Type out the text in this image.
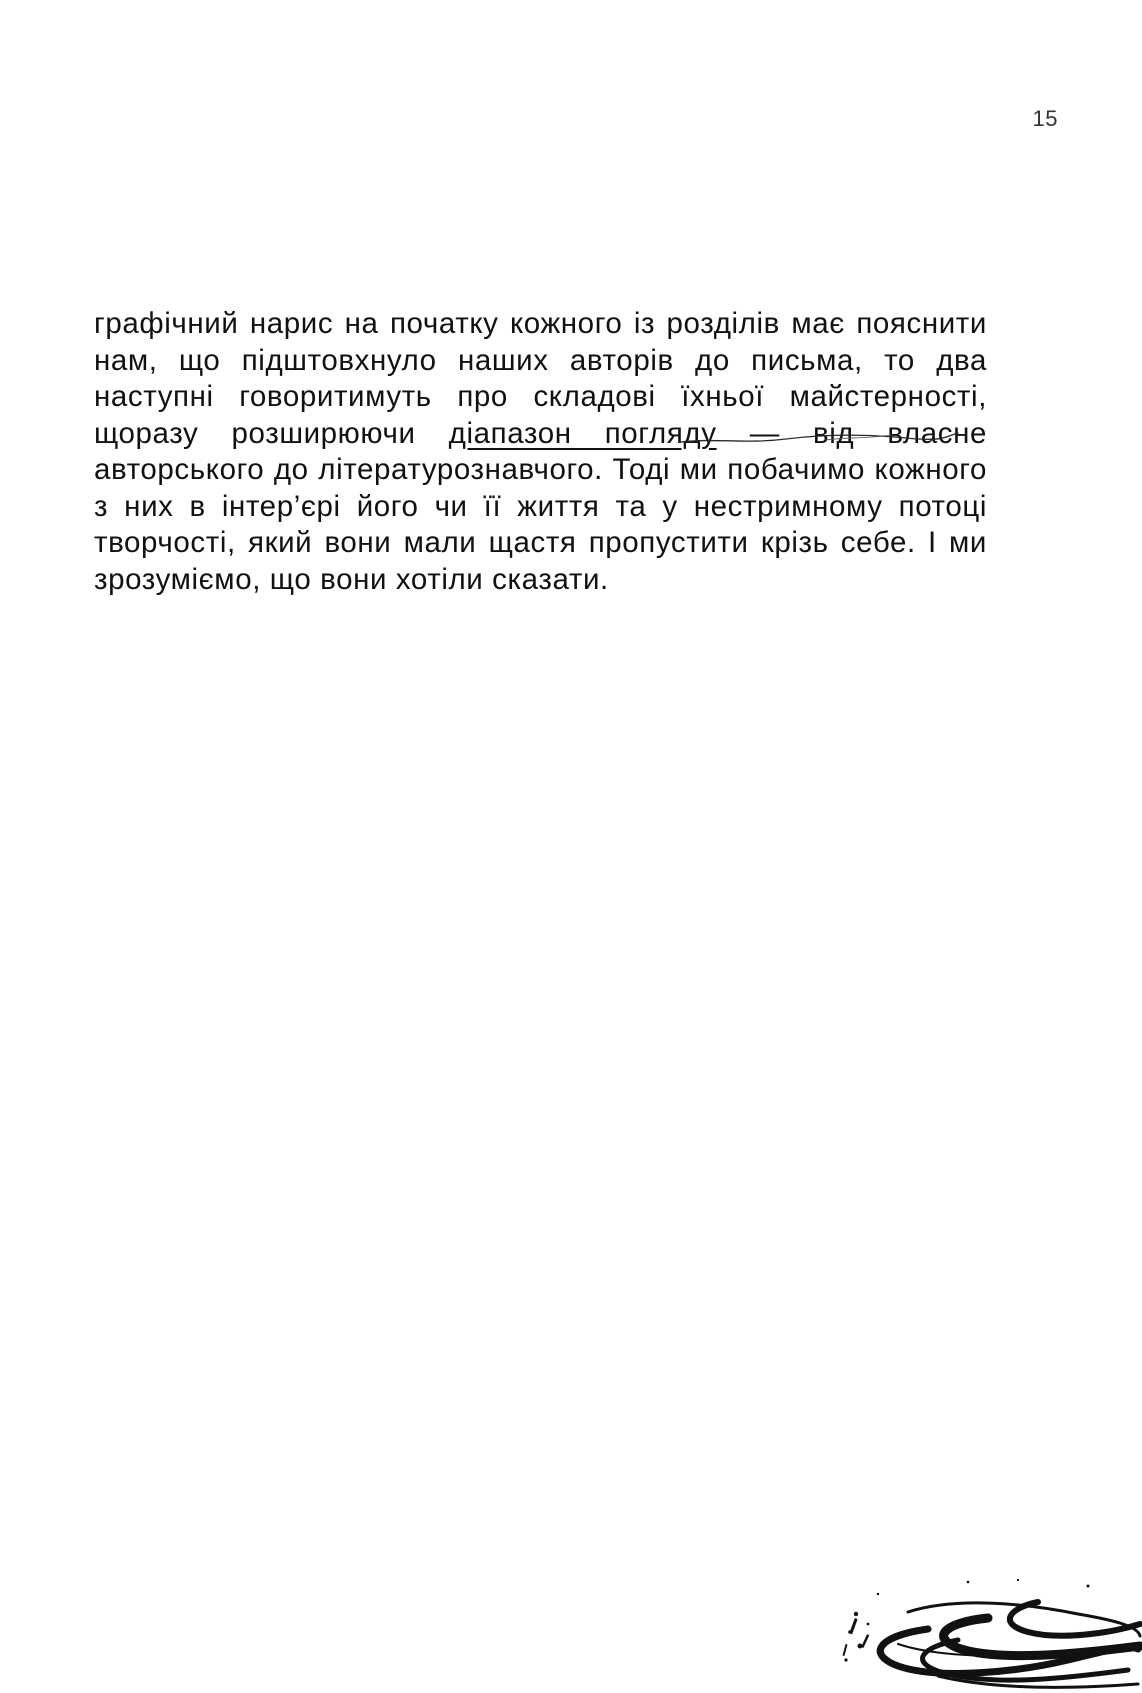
15

графічний нарис на початку кожного із розділів має пояснити нам, що підштовхнуло наших авторів до письма, то два наступні говоритимуть про складові їхньої майстерності, щоразу розширюючи діапазон погляду — від власне авторського до літературознавчого. Тоді ми побачимо кожного з них в інтер’єрі його чи її життя та у нестримному потоці творчості, який вони мали щастя пропустити крізь себе. І ми зрозуміємо, що вони хотіли сказати.
